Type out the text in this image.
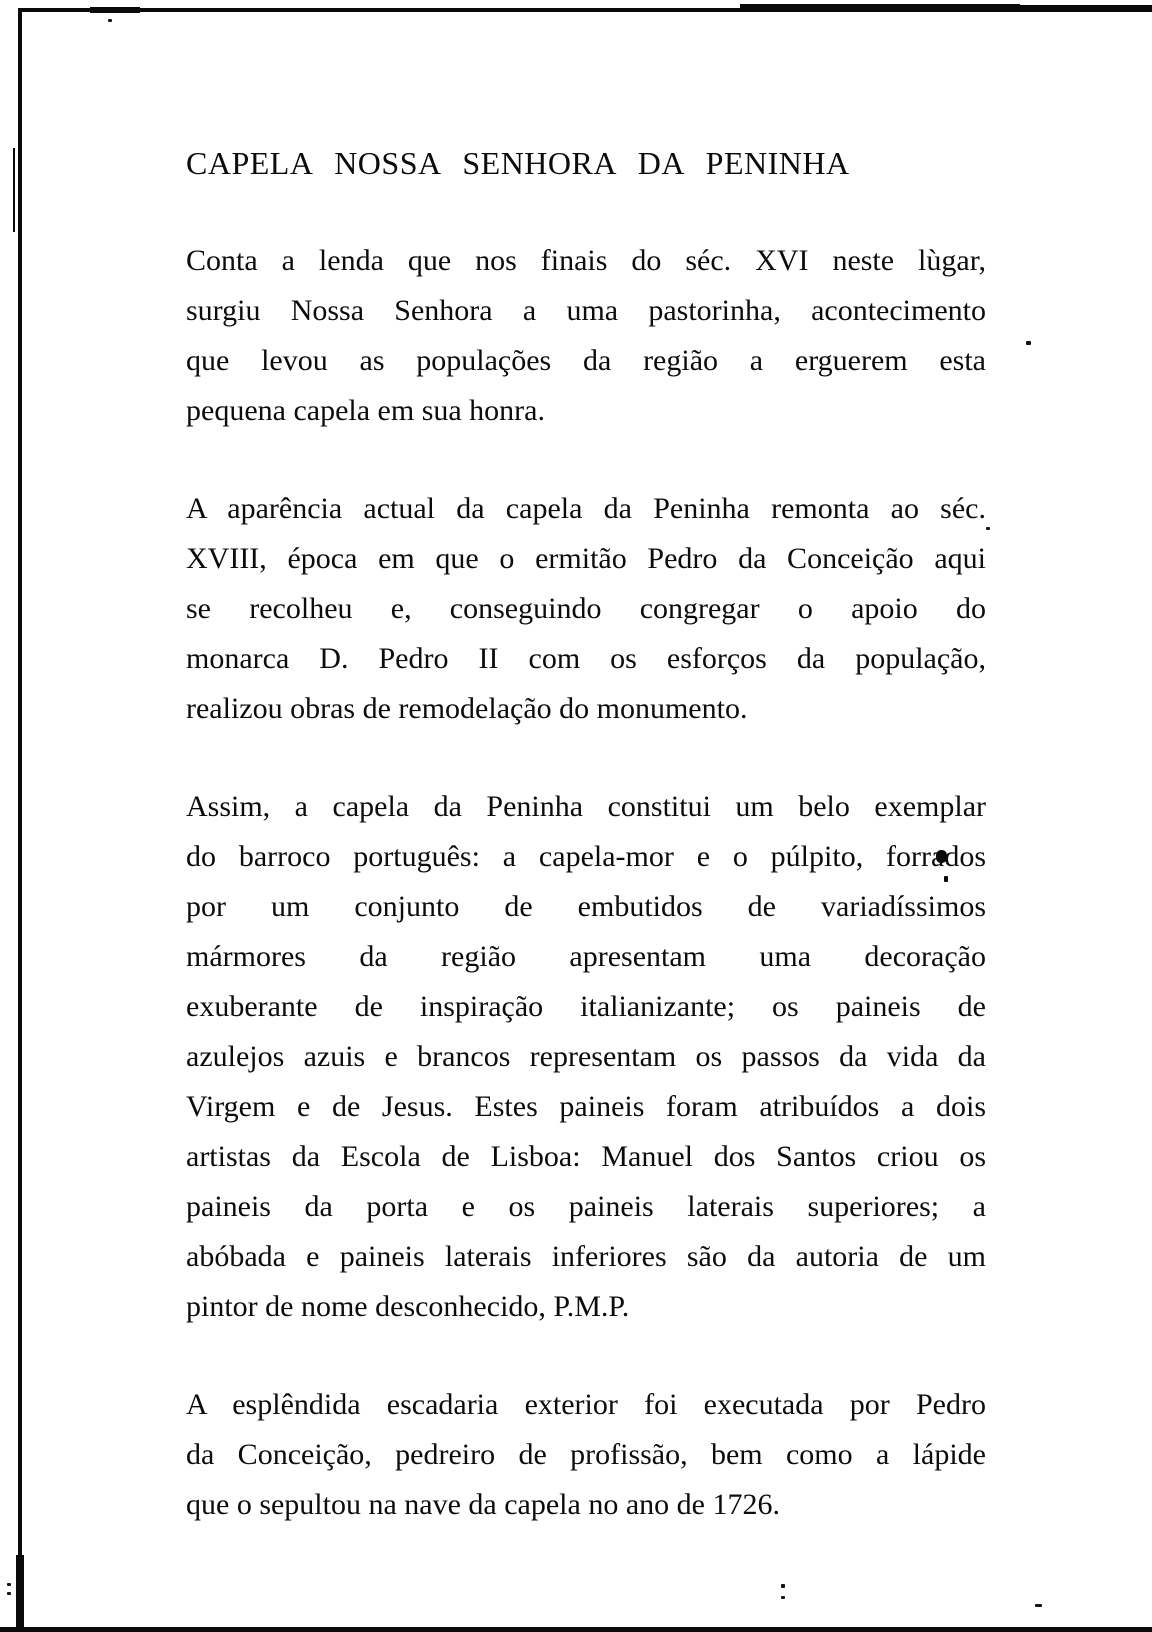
CAPELA NOSSA SENHORA DA PENINHA
Conta a lenda que nos finais do séc. XVI neste lùgar,
surgiu Nossa Senhora a uma pastorinha, acontecimento
que levou as populações da região a erguerem esta
pequena capela em sua honra.
A aparência actual da capela da Peninha remonta ao séc.
XVIII, época em que o ermitão Pedro da Conceição aqui
se recolheu e, conseguindo congregar o apoio do
monarca D. Pedro II com os esforços da população,
realizou obras de remodelação do monumento.
Assim, a capela da Peninha constitui um belo exemplar
do barroco português: a capela-mor e o púlpito, forrados
por um conjunto de embutidos de variadíssimos
mármores da região apresentam uma decoração
exuberante de inspiração italianizante; os paineis de
azulejos azuis e brancos representam os passos da vida da
Virgem e de Jesus. Estes paineis foram atribuídos a dois
artistas da Escola de Lisboa: Manuel dos Santos criou os
paineis da porta e os paineis laterais superiores; a
abóbada e paineis laterais inferiores são da autoria de um
pintor de nome desconhecido, P.M.P.
A esplêndida escadaria exterior foi executada por Pedro
da Conceição, pedreiro de profissão, bem como a lápide
que o sepultou na nave da capela no ano de 1726.
